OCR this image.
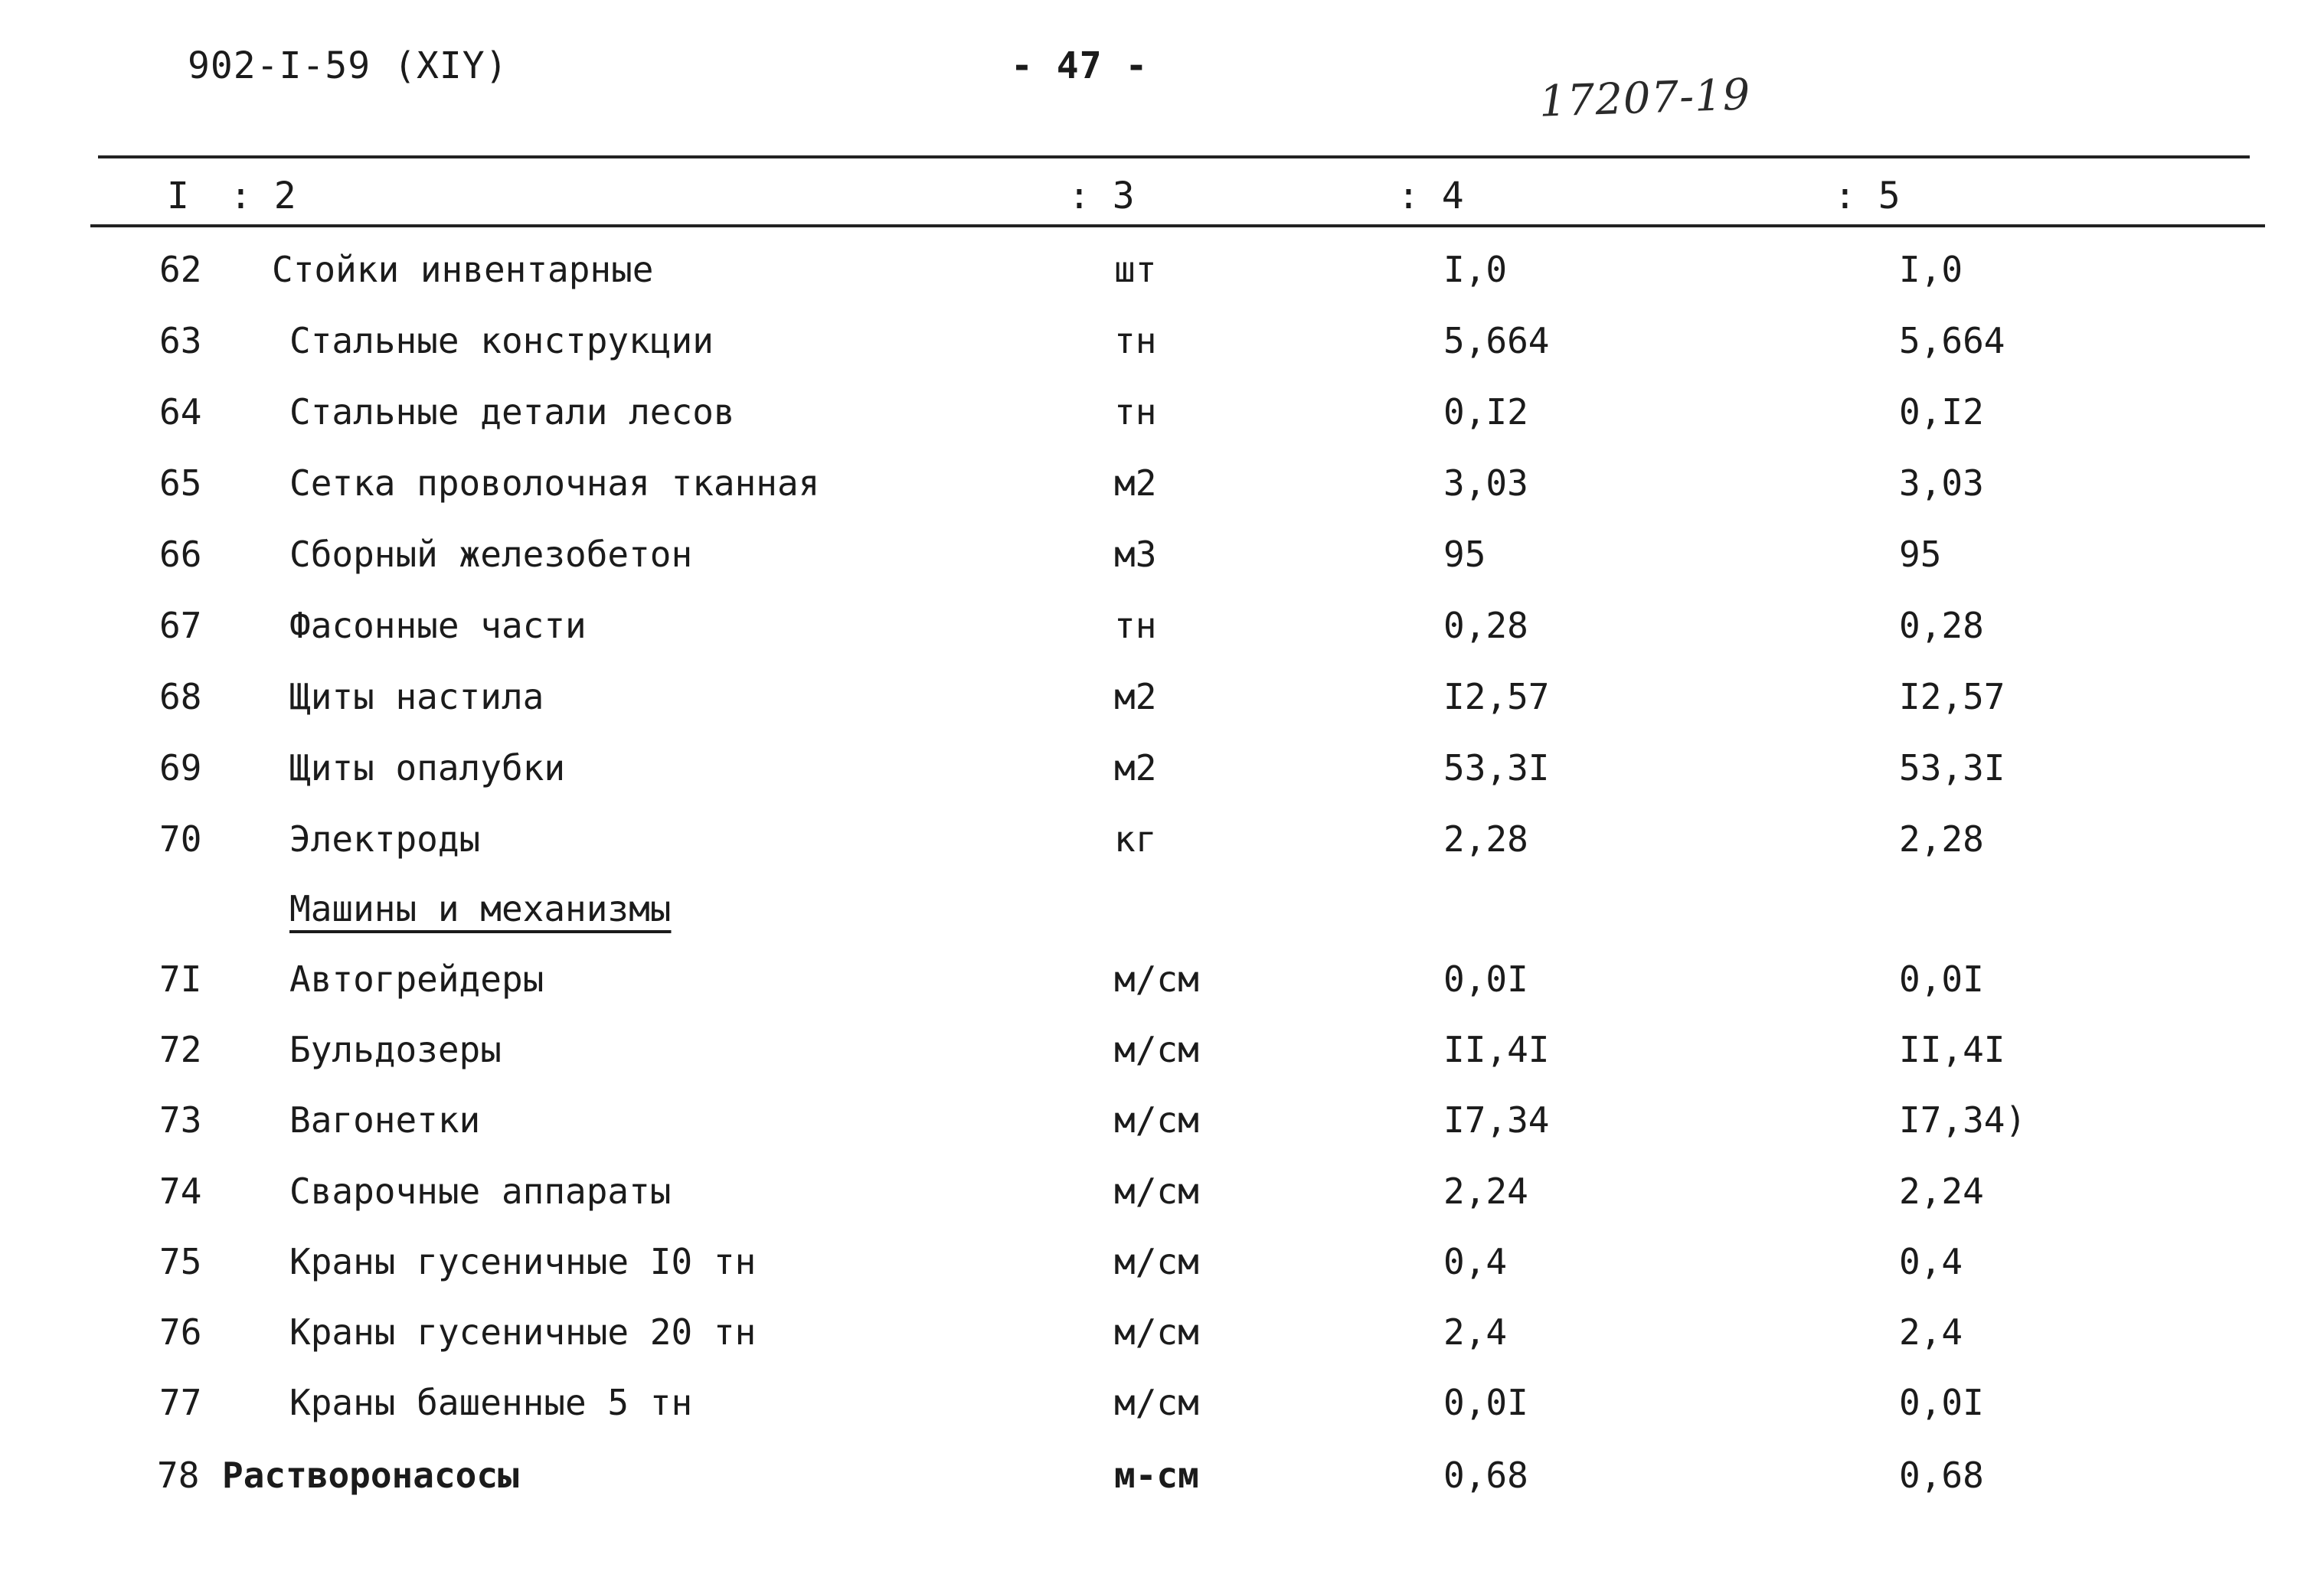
902-I-59 (XIY)	- 47 -
17207-19
I : 2	: 3	: 4	: 5
62 Стойки инвентарные	шт	I,0	I,0
63 Стальные конструкции	тн	5,664	5,664
64 Стальные детали лесов	тн	0,I2	0,I2
65 Сетка проволочная тканная	м2	3,03	3,03
66 Сборный железобетон	м3	95	95
67 Фасонные части	тн	0,28	0,28
68 Щиты настила	м2	I2,57	I2,57
69 Щиты опалубки	м2	53,3I	53,3I
70 Электроды	кг	2,28	2,28
Машины и механизмы
7I Автогрейдеры	м/см	0,0I	0,0I
72 Бульдозеры	м/см	II,4I	II,4I
73 Вагонетки	м/см	I7,34	I7,34)
74 Сварочные аппараты	м/см	2,24	2,24
75 Краны гусеничные I0 тн	м/см	0,4	0,4
76 Краны гусеничные 20 тн	м/см	2,4	2,4
77 Краны башенные 5 тн	м/см	0,0I	0,0I
78 Растворонасосы	м-см	0,68	0,68
